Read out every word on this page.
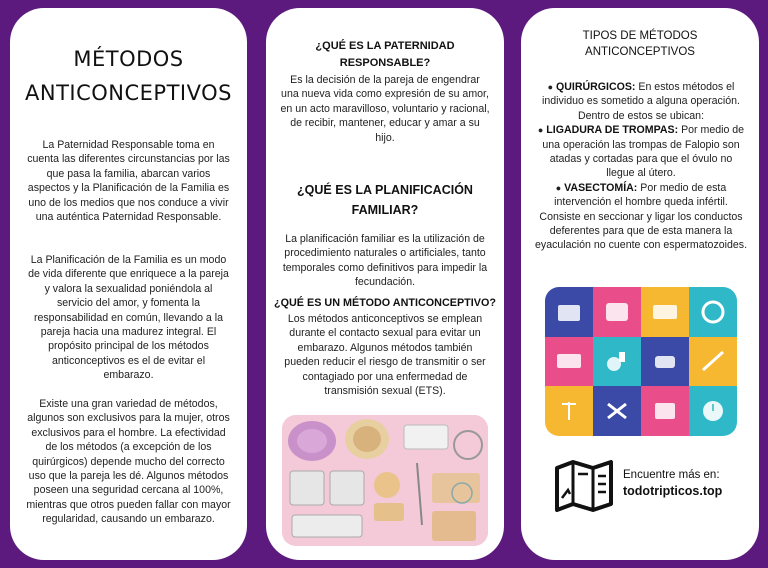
MÉTODOS
ANTICONCEPTIVOS
La Paternidad Responsable toma en cuenta las diferentes circunstancias por las que pasa la familia, abarcan varios aspectos y la Planificación de la Familia es uno de los medios que nos conduce a vivir una auténtica Paternidad Responsable.
La Planificación de la Familia es un modo de vida diferente que enriquece a la pareja y valora la sexualidad poniéndola al servicio del amor, y fomenta la responsabilidad en común, llevando a la pareja hacia una madurez integral. El propósito principal de los métodos anticonceptivos es el de evitar el embarazo.
Existe una gran variedad de métodos, algunos son exclusivos para la mujer, otros exclusivos para el hombre. La efectividad de los métodos (a excepción de los quirúrgicos) depende mucho del correcto uso que la pareja les dé. Algunos métodos poseen una seguridad cercana al 100%, mientras que otros pueden fallar con mayor regularidad, causando un embarazo.
¿QUÉ ES LA PATERNIDAD RESPONSABLE?
Es la decisión de la pareja de engendrar una nueva vida como expresión de su amor, en un acto maravilloso, voluntario y racional, de recibir, mantener, educar y amar a su hijo.
¿QUÉ ES LA PLANIFICACIÓN FAMILIAR?
La planificación familiar es la utilización de procedimiento naturales o artificiales, tanto temporales como definitivos para impedir la fecundación.
¿QUÉ ES UN MÉTODO ANTICONCEPTIVO?
Los métodos anticonceptivos se emplean durante el contacto sexual para evitar un embarazo. Algunos métodos también pueden reducir el riesgo de transmitir o ser contagiado por una enfermedad de transmisión sexual (ETS).
TIPOS DE MÉTODOS
ANTICONCEPTIVOS

● QUIRÚRGICOS: En estos métodos el individuo es sometido a alguna operación. Dentro de estos se ubican:

● LIGADURA DE TROMPAS: Por medio de una operación las trompas de Falopio son atadas y cortadas para que el óvulo no llegue al útero.

● VASECTOMÍA: Por medio de esta intervención el hombre queda infértil. Consiste en seccionar y ligar los conductos deferentes para que de esta manera la eyaculación no cuente con espermatozoides.

Encuentre más en:
todotripticos.top
